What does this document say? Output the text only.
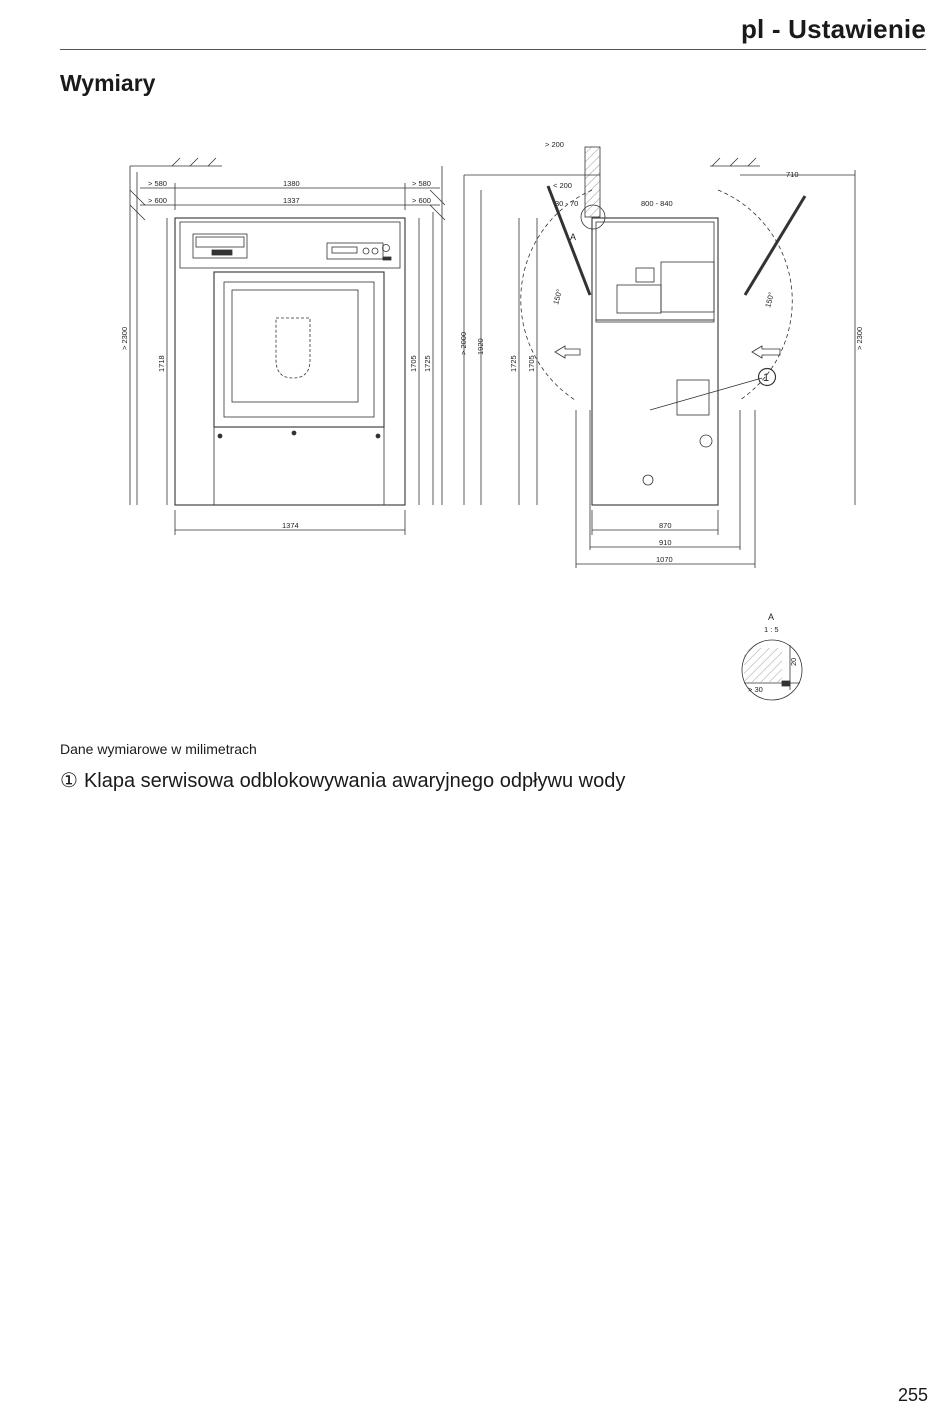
pl - Ustawienie
Wymiary
> 580	1380	> 580
> 600	1337	> 600
> 2300
1718	1705 1725
1374
> 200
< 200
30 - 70	800 - 840
710
> 2000 1920
1725 1705
> 2300
150°	150°
A
1
870
910
1070
A
1 : 5
> 30
20
Dane wymiarowe w milimetrach
① Klapa serwisowa odblokowywania awaryjnego odpływu wody
255
